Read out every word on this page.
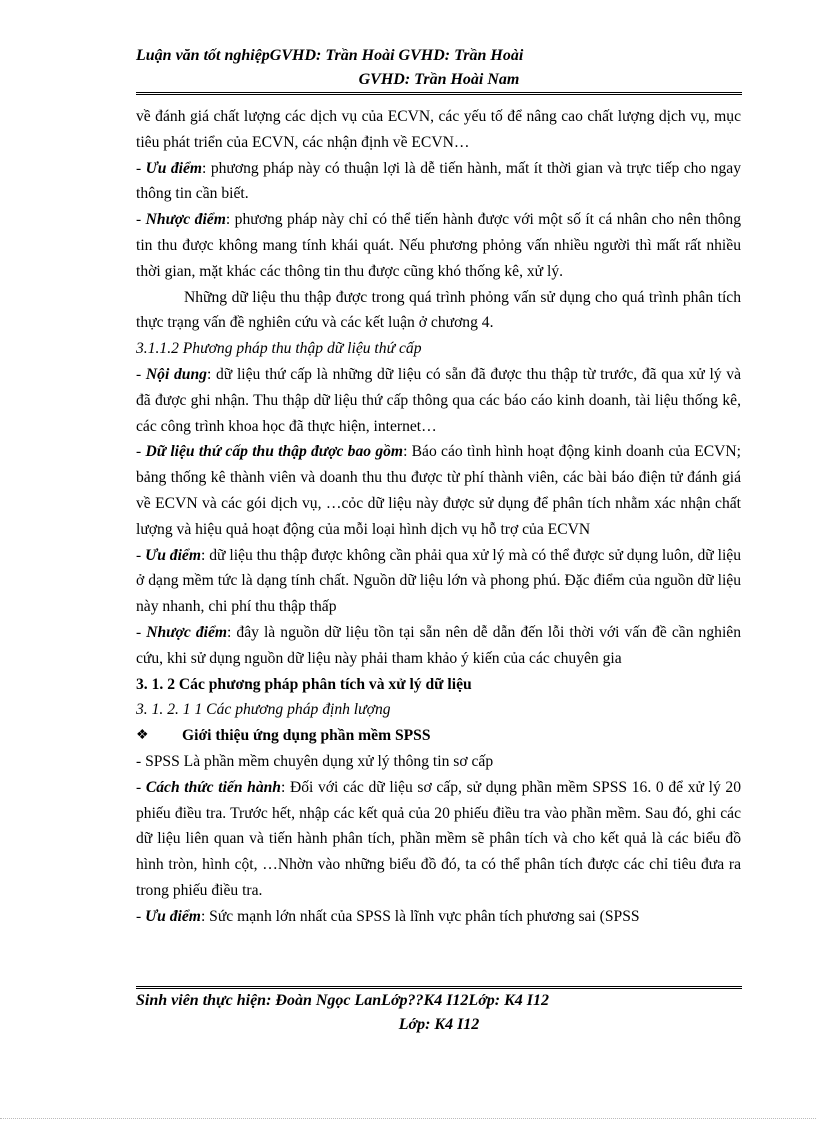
Luận văn tốt nghiệpGVHD: Trần Hoài GVHD: Trần Hoài
GVHD: Trần Hoài Nam

về đánh giá chất lượng các dịch vụ của ECVN, các yếu tố để nâng cao chất lượng dịch vụ, mục tiêu phát triển của ECVN, các nhận định về ECVN…

- Ưu điểm: phương pháp này có thuận lợi là dễ tiến hành, mất ít thời gian và trực tiếp cho ngay thông tin cần biết.

- Nhược điểm: phương pháp này chỉ có thể tiến hành được với một số ít cá nhân cho nên thông tin thu được không mang tính khái quát. Nếu phương phỏng vấn nhiều người thì mất rất nhiều thời gian, mặt khác các thông tin thu được cũng khó thống kê, xử lý.

Những dữ liệu thu thập được trong quá trình phỏng vấn sử dụng cho quá trình phân tích thực trạng vấn đề nghiên cứu và các kết luận ở chương 4.

3.1.1.2 Phương pháp thu thập dữ liệu thứ cấp

- Nội dung: dữ liệu thứ cấp là những dữ liệu có sẵn đã được thu thập từ trước, đã qua xử lý và đã được ghi nhận. Thu thập dữ liệu thứ cấp thông qua các báo cáo kinh doanh, tài liệu thống kê, các công trình khoa học đã thực hiện, internet…

- Dữ liệu thứ cấp thu thập được bao gồm: Báo cáo tình hình hoạt động kinh doanh của ECVN; bảng thống kê thành viên và doanh thu thu được từ phí thành viên, các bài báo điện tử đánh giá về ECVN và các gói dịch vụ, …cỏc dữ liệu này được sử dụng để phân tích nhằm xác nhận chất lượng và hiệu quả hoạt động của mỗi loại hình dịch vụ hỗ trợ của ECVN

- Ưu điểm: dữ liệu thu thập được không cần phải qua xử lý mà có thể được sử dụng luôn, dữ liệu ở dạng mềm tức là dạng tính chất. Nguồn dữ liệu lớn và phong phú. Đặc điểm của nguồn dữ liệu này nhanh, chi phí thu thập thấp

- Nhược điểm: đây là nguồn dữ liệu tồn tại sẵn nên dễ dẫn đến lỗi thời với vấn đề cần nghiên cứu, khi sử dụng nguồn dữ liệu này phải tham khảo ý kiến của các chuyên gia

3. 1. 2 Các phương pháp phân tích và xử lý dữ liệu

3. 1. 2. 1 1 Các phương pháp định lượng

❖	Giới thiệu ứng dụng phần mềm SPSS

- SPSS Là phần mềm chuyên dụng xử lý thông tin sơ cấp

- Cách thức tiến hành: Đối với các dữ liệu sơ cấp, sử dụng phần mềm SPSS 16. 0 để xử lý 20 phiếu điều tra. Trước hết, nhập các kết quả của 20 phiếu điều tra vào phần mềm. Sau đó, ghi các dữ liệu liên quan và tiến hành phân tích, phần mềm sẽ phân tích và cho kết quả là các biểu đồ hình tròn, hình cột, …Nhờn vào những biểu đồ đó, ta có thể phân tích được các chỉ tiêu đưa ra trong phiếu điều tra.

- Ưu điểm: Sức mạnh lớn nhất của SPSS là lĩnh vực phân tích phương sai (SPSS

Sinh viên thực hiện: Đoàn Ngọc LanLớp??K4 I12Lớp: K4 I12
Lớp: K4 I12
